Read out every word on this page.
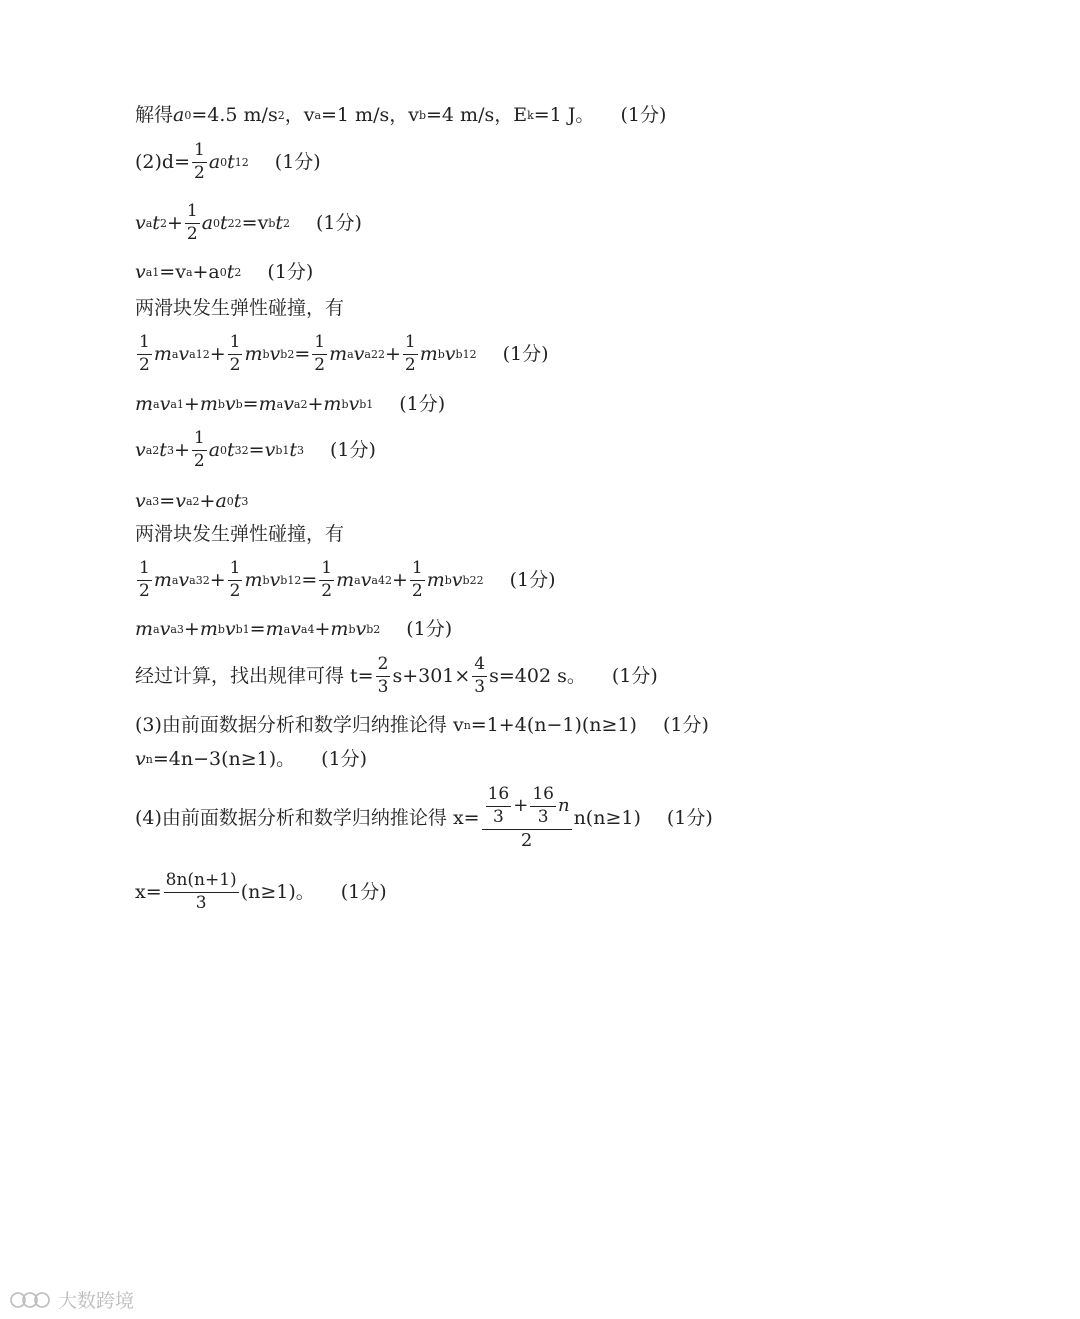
解得 a 0 =4.5 m/s 2 ，v a =1 m/s，v b =4 m/s，E k =1 J。 (1分)
$(2)d= \frac{1}{2}$ a 0 t 1 2 (1分)
v a t $2 + \frac{1}{2}$ a 0 t 2 2 =v b t 2 (1分)
v a1 =v a +a 0 t 2 (1分)
两滑块发生弹性碰撞，有
$\frac{1}{2}$ m a v a1 $2 + \frac{1}{2}$ m b v b $2 = \frac{1}{2}$ m a v a2 $2 + \frac{1}{2}$ m b v b1 2 (1分)
m a v a1 + m b v b = m a v a2 + m b v b1 (1分)
v a2 t $3 + \frac{1}{2}$ a 0 t 3 2 = v b1 t 3 (1分)
v a3 = v a2 + a 0 t 3
两滑块发生弹性碰撞，有
$\frac{1}{2}$ m a v a3 $2 + \frac{1}{2}$ m b v b1 $2 = \frac{1}{2}$ m a v a4 $2 + \frac{1}{2}$ m b v b2 2 (1分)
m a v a3 + m b v b1 = m a v a4 + m b v b2 (1分)
经过计算，找出规律可得 $t= \frac{2}{3} s+301\times \frac{4}{3} s=402$ s。 (1分)
(3)由前面数据分析和数学归纳推论得 v n =1+4(n−1)(n≥1) (1分)
v n =4n−3(n≥1)。 (1分)
(4)由前面数据分析和数学归纳推论得 $x= \frac{\frac{16}{3} + \frac{16}{3} n}{2} n(n\ge 1)$ (1分)
$x= \frac{8n(n+1)}{3} (n\ge 1)$。 (1分)
大数跨境
